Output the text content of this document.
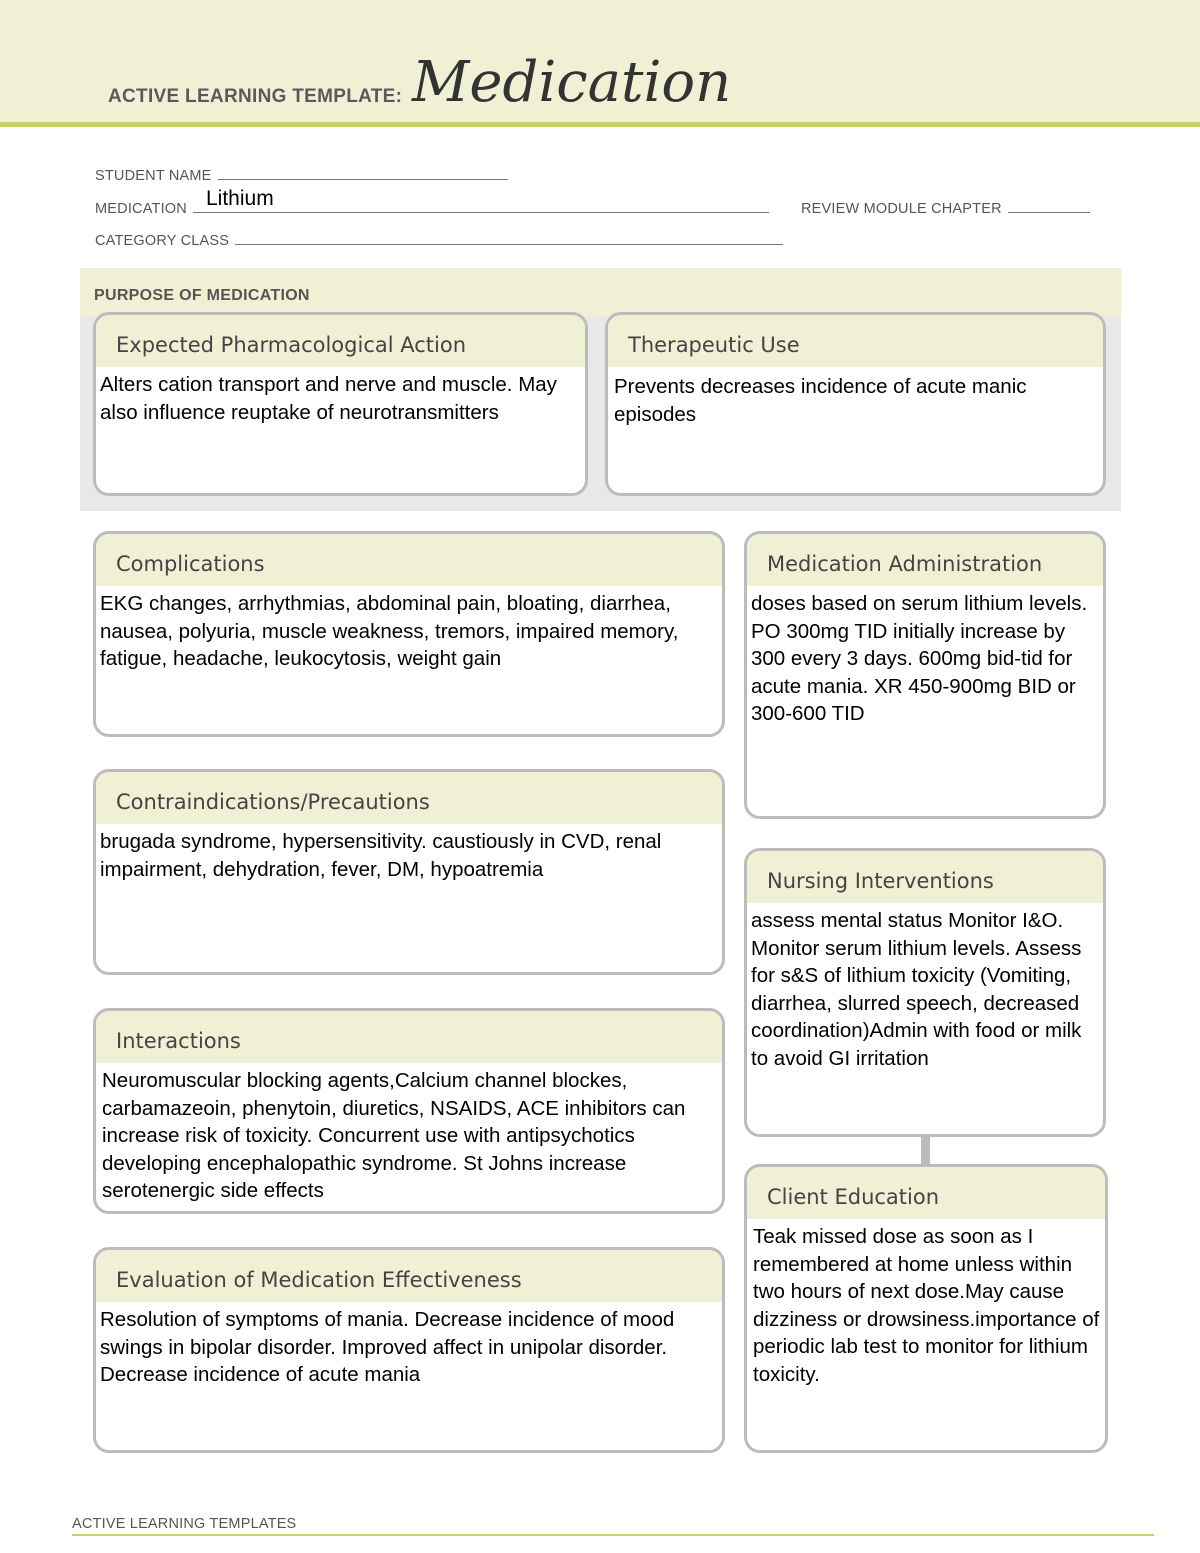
ACTIVE LEARNING TEMPLATE: Medication
STUDENT NAME
MEDICATION Lithium	REVIEW MODULE CHAPTER
CATEGORY CLASS
PURPOSE OF MEDICATION
Expected Pharmacological Action
Alters cation transport and nerve and muscle. May also influence reuptake of neurotransmitters
Therapeutic Use
Prevents decreases incidence of acute manic episodes
Complications
EKG changes, arrhythmias, abdominal pain, bloating, diarrhea, nausea, polyuria, muscle weakness, tremors, impaired memory, fatigue, headache, leukocytosis, weight gain
Contraindications/Precautions
brugada syndrome, hypersensitivity. caustiously in CVD, renal impairment, dehydration, fever, DM, hypoatremia
Interactions
Neuromuscular blocking agents,Calcium channel blockes, carbamazeoin, phenytoin, diuretics, NSAIDS, ACE inhibitors can increase risk of toxicity. Concurrent use with antipsychotics developing encephalopathic syndrome. St Johns increase serotenergic side effects
Evaluation of Medication Effectiveness
Resolution of symptoms of mania. Decrease incidence of mood swings in bipolar disorder. Improved affect in unipolar disorder. Decrease incidence of acute mania
Medication Administration
doses based on serum lithium levels. PO 300mg TID initially increase by 300 every 3 days. 600mg bid-tid for acute mania. XR 450-900mg BID or 300-600 TID
Nursing Interventions
assess mental status Monitor I&O. Monitor serum lithium levels. Assess for s&S of lithium toxicity (Vomiting, diarrhea, slurred speech, decreased coordination)Admin with food or milk to avoid GI irritation
Client Education
Teak missed dose as soon as I remembered at home unless within two hours of next dose.May cause dizziness or drowsiness.importance of periodic lab test to monitor for lithium toxicity.
ACTIVE LEARNING TEMPLATES
